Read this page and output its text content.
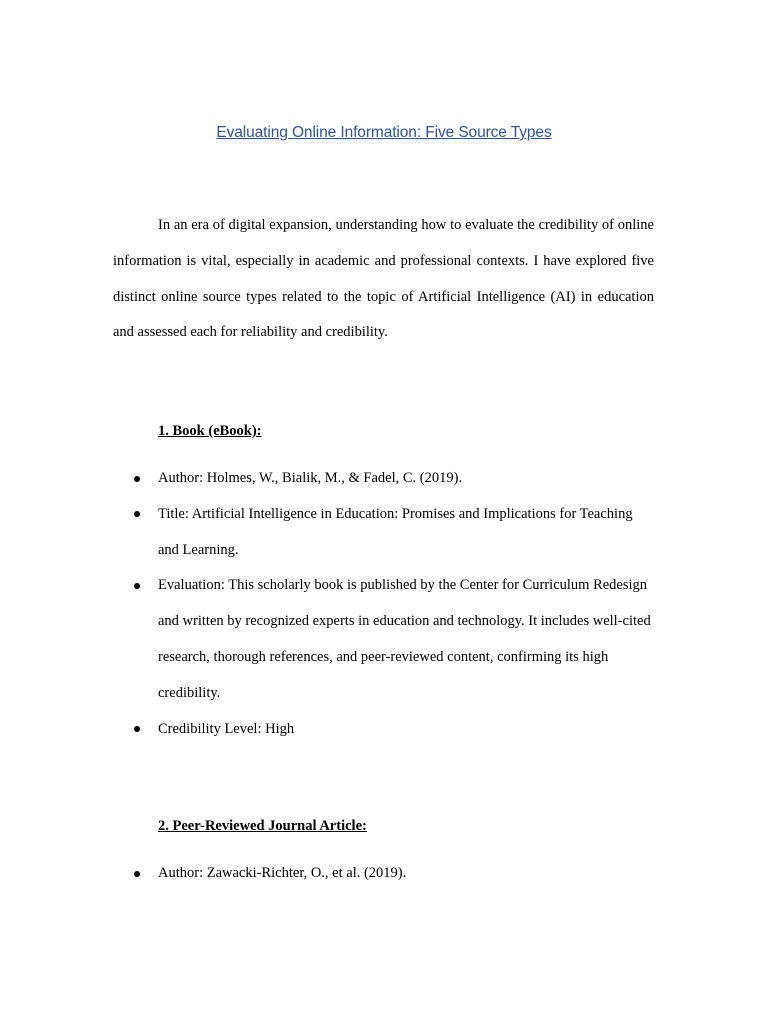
Evaluating Online Information: Five Source Types

In an era of digital expansion, understanding how to evaluate the credibility of online information is vital, especially in academic and professional contexts. I have explored five distinct online source types related to the topic of Artificial Intelligence (AI) in education and assessed each for reliability and credibility.

1. Book (eBook):
Author: Holmes, W., Bialik, M., & Fadel, C. (2019).
Title: Artificial Intelligence in Education: Promises and Implications for Teaching and Learning.
Evaluation: This scholarly book is published by the Center for Curriculum Redesign and written by recognized experts in education and technology. It includes well-cited research, thorough references, and peer-reviewed content, confirming its high credibility.
Credibility Level: High
2. Peer-Reviewed Journal Article:
Author: Zawacki-Richter, O., et al. (2019).
